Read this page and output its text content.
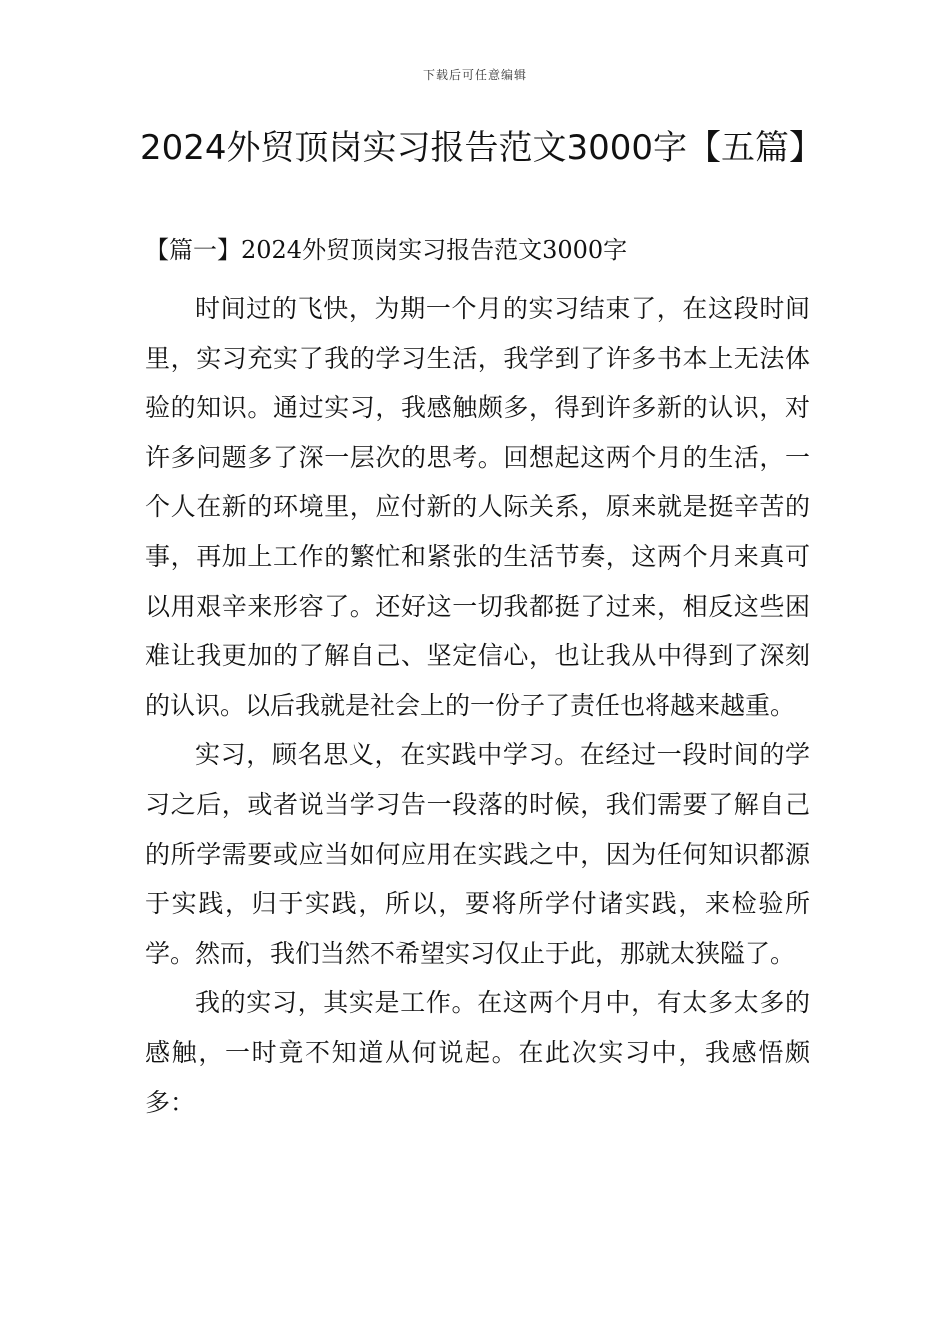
下载后可任意编辑
2024外贸顶岗实习报告范文3000字【五篇】
【篇一】2024外贸顶岗实习报告范文3000字

时间过的飞快，为期一个月的实习结束了，在这段时间里，实习充实了我的学习生活，我学到了许多书本上无法体验的知识。通过实习，我感触颇多，得到许多新的认识，对许多问题多了深一层次的思考。回想起这两个月的生活，一个人在新的环境里，应付新的人际关系，原来就是挺辛苦的事，再加上工作的繁忙和紧张的生活节奏，这两个月来真可以用艰辛来形容了。还好这一切我都挺了过来，相反这些困难让我更加的了解自己、坚定信心，也让我从中得到了深刻的认识。以后我就是社会上的一份子了责任也将越来越重。

实习，顾名思义，在实践中学习。在经过一段时间的学习之后，或者说当学习告一段落的时候，我们需要了解自己的所学需要或应当如何应用在实践之中，因为任何知识都源于实践，归于实践，所以，要将所学付诸实践，来检验所学。然而，我们当然不希望实习仅止于此，那就太狭隘了。

我的实习，其实是工作。在这两个月中，有太多太多的感触，一时竟不知道从何说起。在此次实习中，我感悟颇多：
